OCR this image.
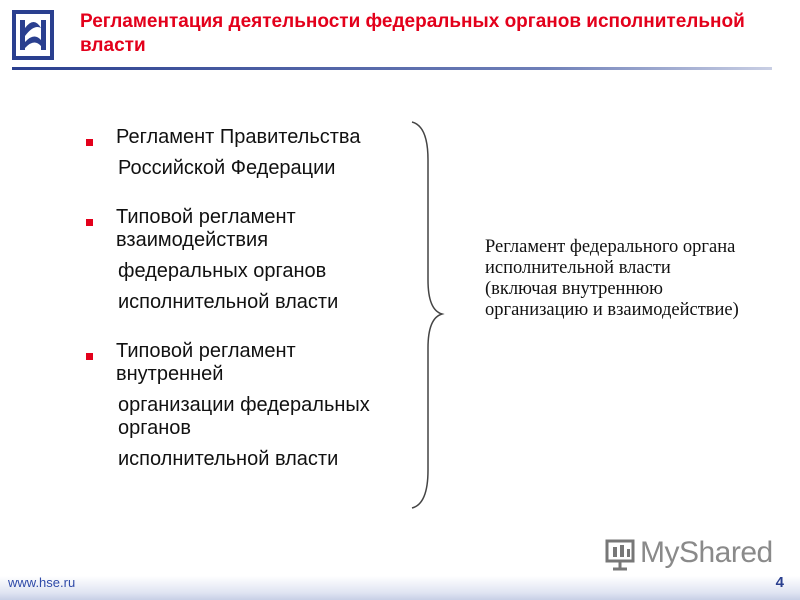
Регламентация деятельности федеральных органов исполнительной власти
Регламент Правительства
Российской Федерации
Типовой регламент взаимодействия
федеральных органов
исполнительной власти
Типовой регламент внутренней
организации федеральных органов
исполнительной власти
Регламент федерального органа исполнительной власти (включая внутреннюю организацию и взаимодействие)
MyShared
www.hse.ru	4
